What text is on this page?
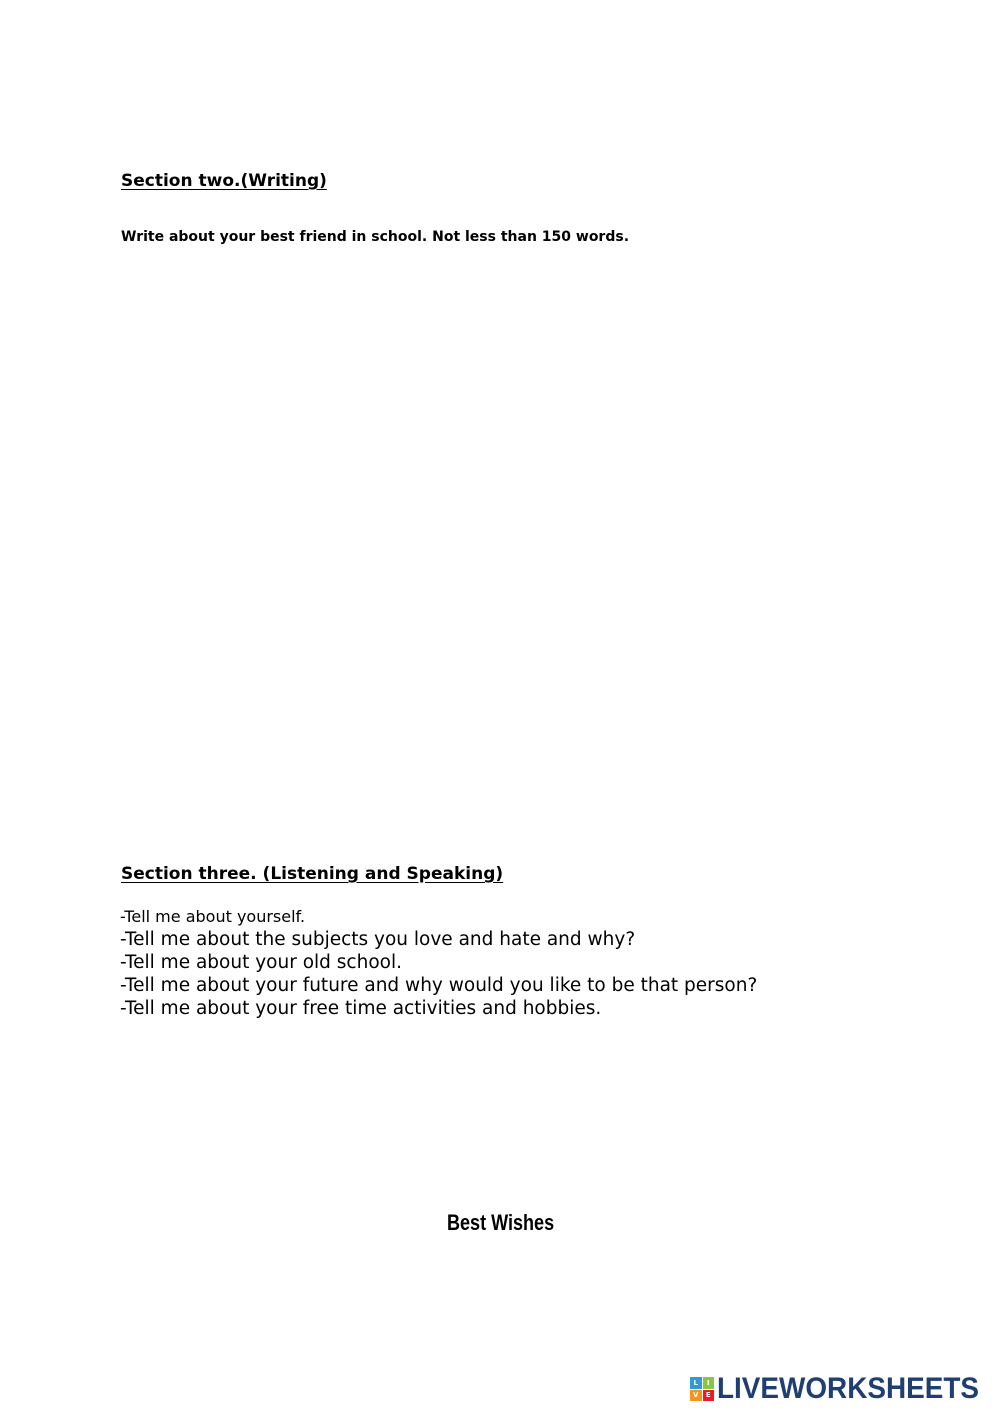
Section two.(Writing)

Write about your best friend in school. Not less than 150 words.

Section three. (Listening and Speaking)
-Tell me about yourself.
-Tell me about the subjects you love and hate and why?
-Tell me about your old school.
-Tell me about your future and why would you like to be that person?
-Tell me about your free time activities and hobbies.

Best Wishes

L	I
V	E LIVEWORKSHEETS
